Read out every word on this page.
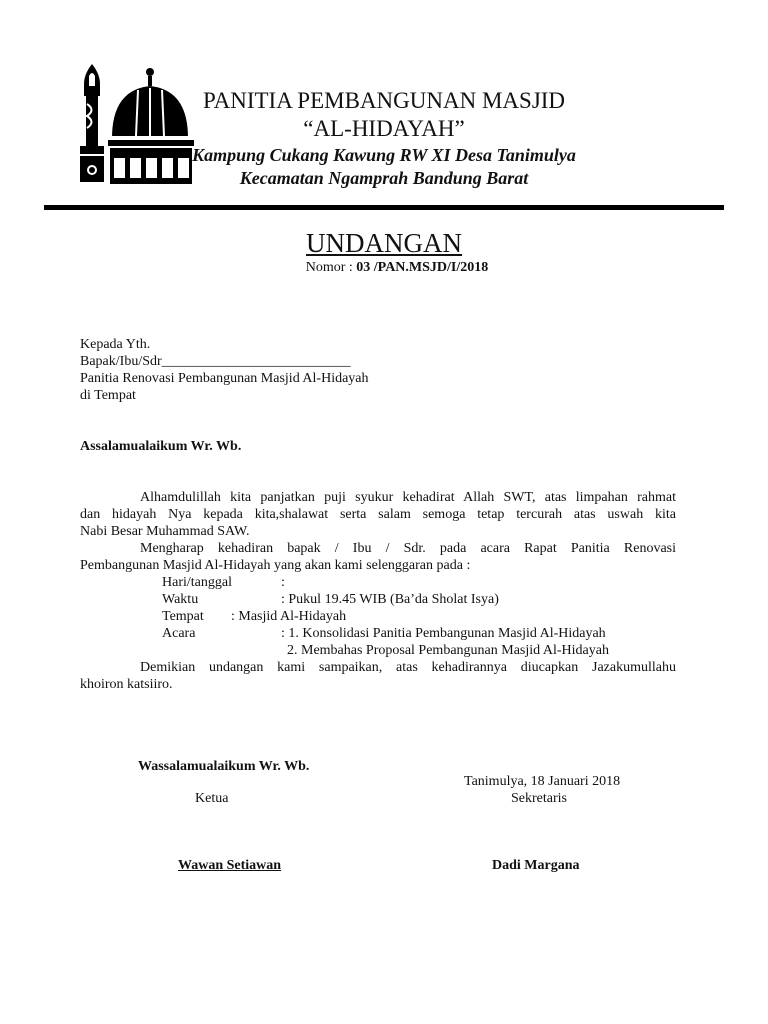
PANITIA PEMBANGUNAN MASJID
“AL-HIDAYAH”
Kampung Cukang Kawung RW XI Desa Tanimulya
Kecamatan Ngamprah Bandung Barat
UNDANGAN
Nomor : 03 /PAN.MSJD/I/2018
Kepada Yth.
Bapak/Ibu/Sdr___________________________
Panitia Renovasi Pembangunan Masjid Al-Hidayah
di Tempat
Assalamualaikum Wr. Wb.
Alhamdulillah kita panjatkan puji syukur kehadirat Allah SWT, atas limpahan rahmat
dan hidayah Nya kepada kita,shalawat serta salam semoga tetap tercurah atas uswah kita
Nabi Besar Muhammad SAW.
Mengharap kehadiran bapak / Ibu / Sdr. pada acara Rapat Panitia Renovasi
Pembangunan Masjid Al-Hidayah yang akan kami selenggaran pada :
Hari/tanggal	:
Waktu	: Pukul 19.45 WIB (Ba’da Sholat Isya)
Tempat : Masjid Al-Hidayah
Acara	: 1. Konsolidasi Panitia Pembangunan Masjid Al-Hidayah
2. Membahas Proposal Pembangunan Masjid Al-Hidayah
Demikian undangan kami sampaikan, atas kehadirannya diucapkan Jazakumullahu
khoiron katsiiro.
Wassalamualaikum Wr. Wb.
Tanimulya, 18 Januari 2018
Ketua	Sekretaris
Wawan Setiawan	Dadi Margana
